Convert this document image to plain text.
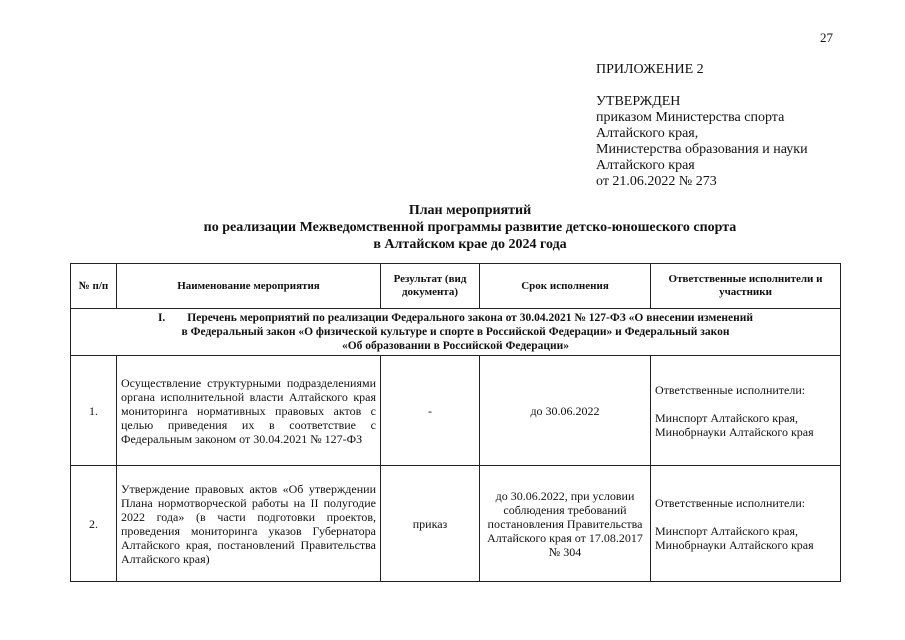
27
ПРИЛОЖЕНИЕ 2
УТВЕРЖДЕН
приказом Министерства спорта
Алтайского края,
Министерства образования и науки
Алтайского края
от 21.06.2022 № 273
План мероприятий
по реализации Межведомственной программы развитие детско-юношеского спорта
в Алтайском крае до 2024 года
№ п/п	Наименование мероприятия	Результат (вид документа)	Срок исполнения	Ответственные исполнители и участники

I. Перечень мероприятий по реализации Федерального закона от 30.04.2021 № 127-ФЗ «О внесении изменений
в Федеральный закон «О физической культуре и спорте в Российской Федерации» и Федеральный закон
«Об образовании в Российской Федерации»				

1.	Осуществление структурными подразделениями органа исполнительной власти Алтайского края мониторинга нормативных правовых актов с целью приведения их в соответствие с Федеральным законом от 30.04.2021 № 127-ФЗ	-	до 30.06.2022	Ответственные исполнители:
Минспорт Алтайского края, Минобрнауки Алтайского края

2.	Утверждение правовых актов «Об утверждении Плана нормотворческой работы на II полугодие 2022 года» (в части подготовки проектов, проведения мониторинга указов Губернатора Алтайского края, постановлений Правительства Алтайского края)	приказ	до 30.06.2022, при условии соблюдения требований постановления Правительства Алтайского края от 17.08.2017 № 304	Ответственные исполнители:
Минспорт Алтайского края, Минобрнауки Алтайского края
